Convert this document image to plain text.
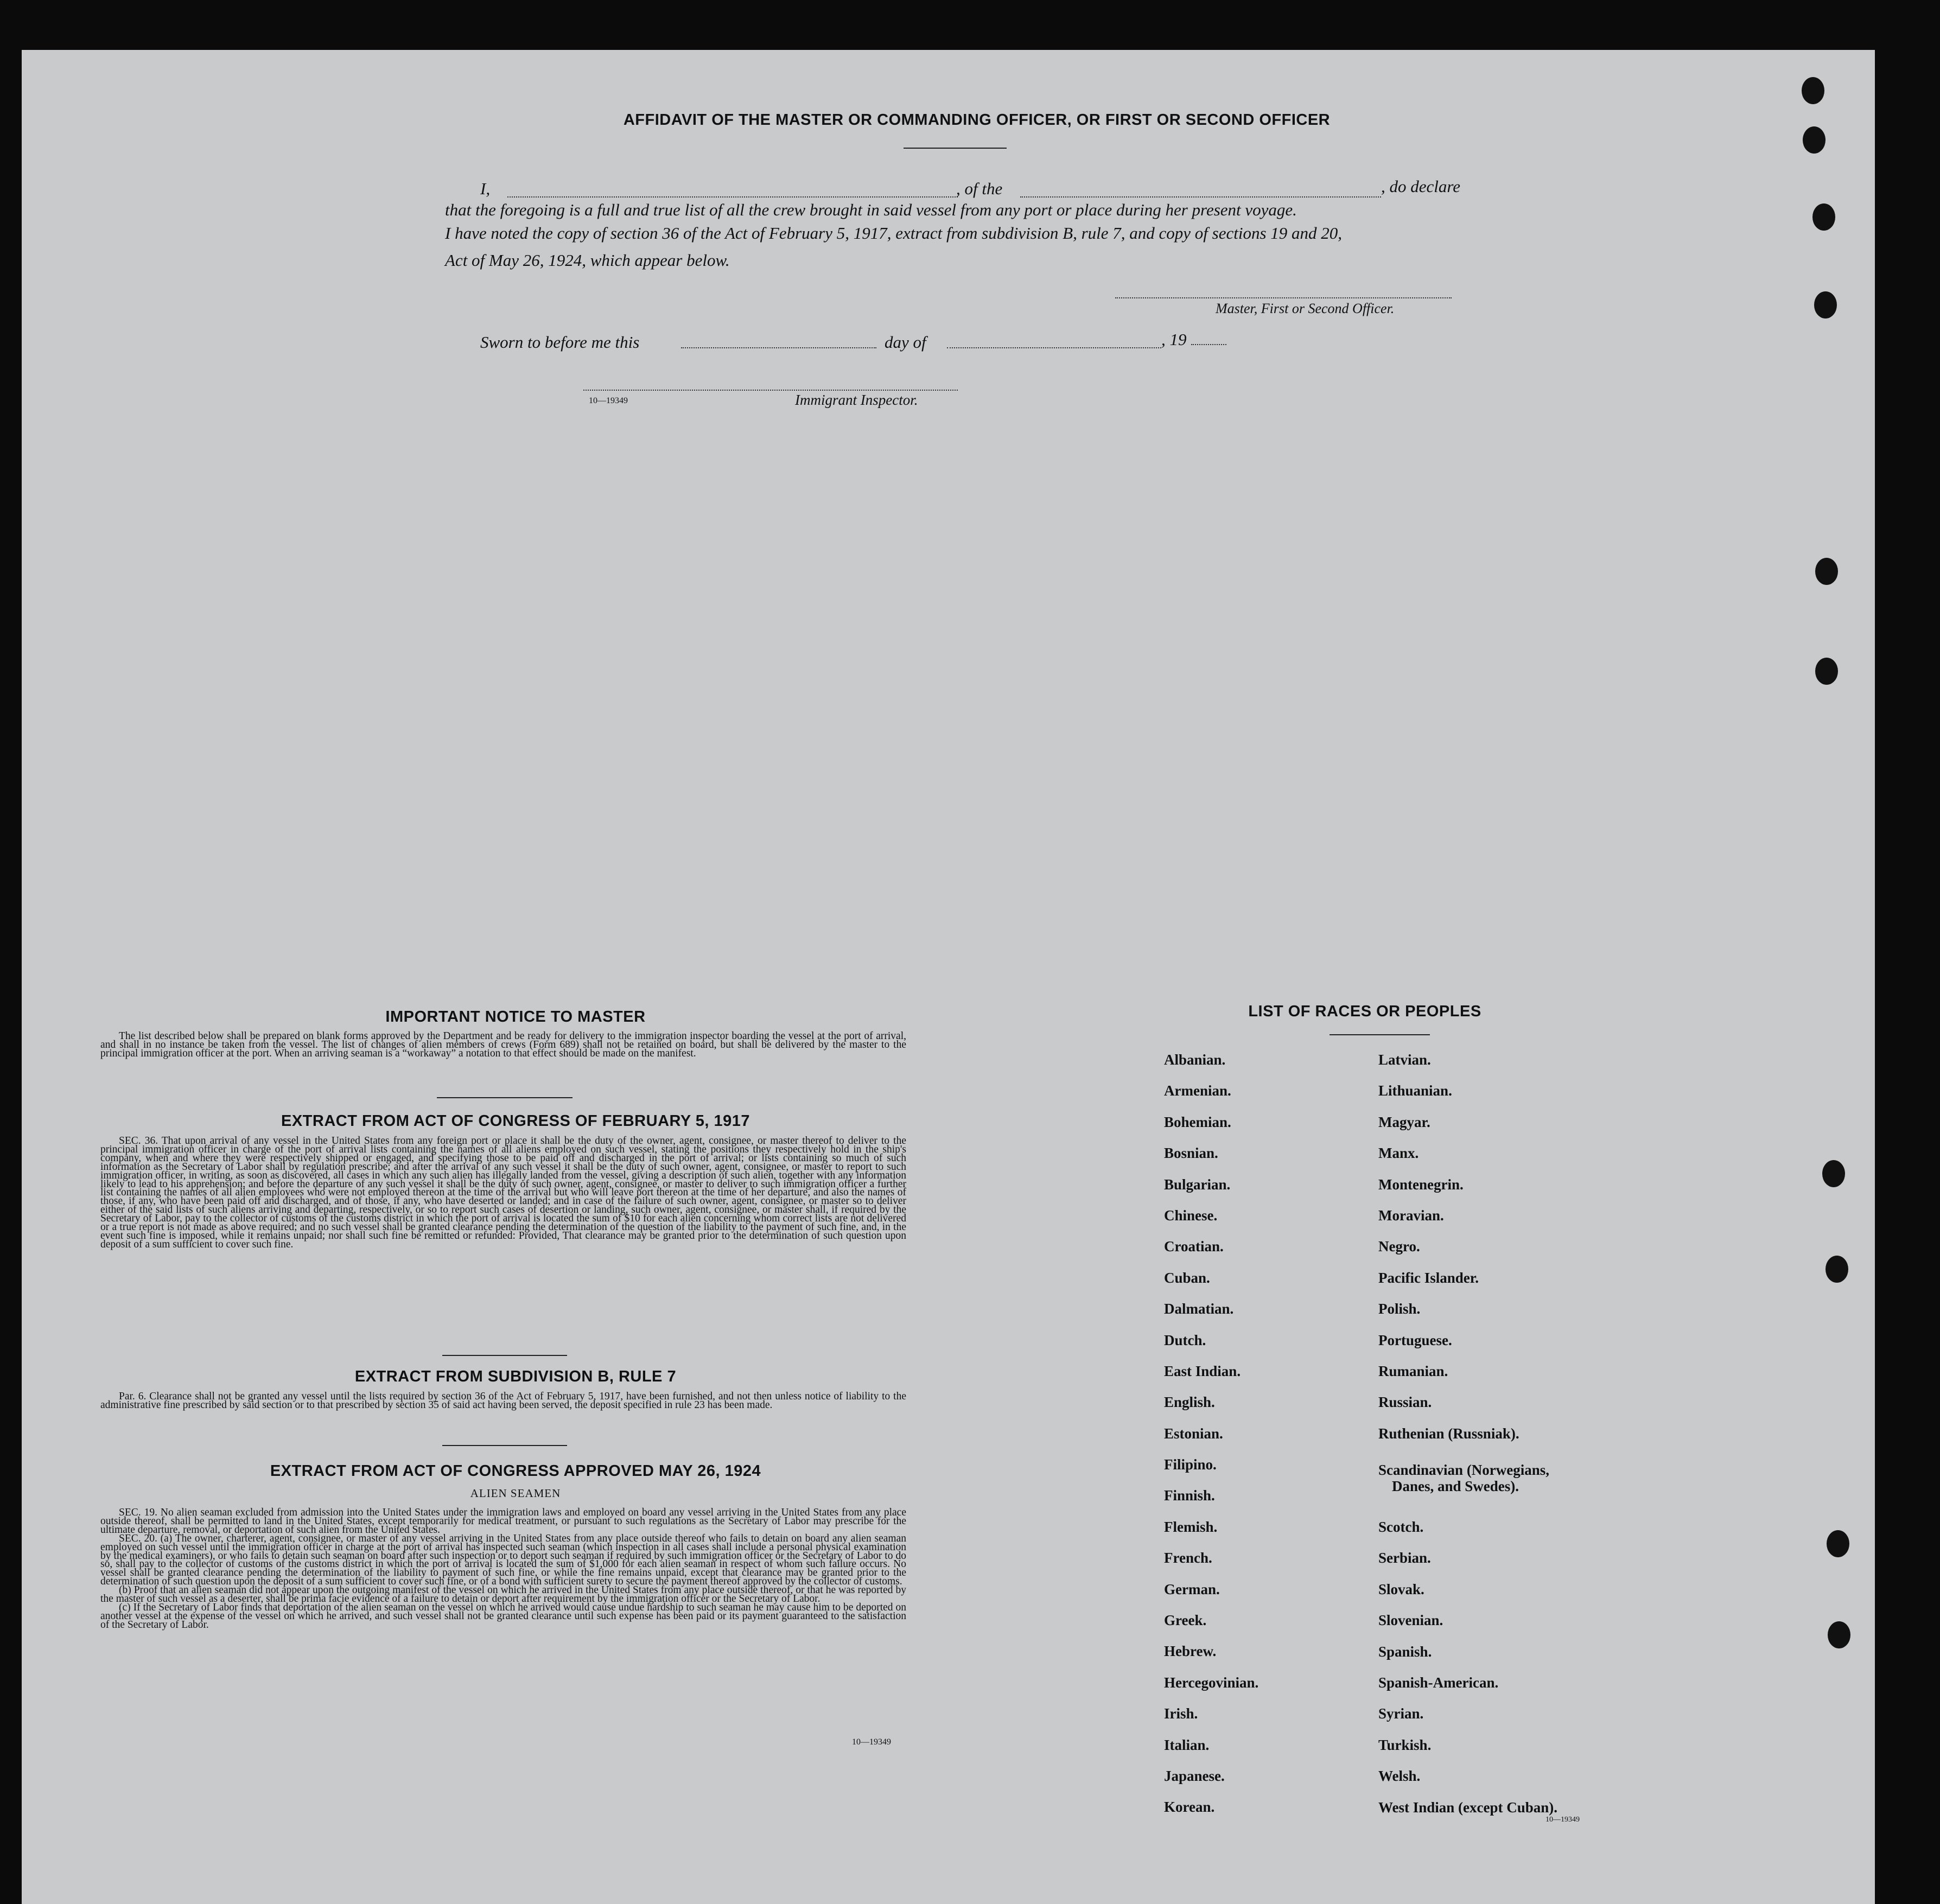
AFFIDAVIT OF THE MASTER OR COMMANDING OFFICER, OR FIRST OR SECOND OFFICER
I,	, of the	, do declare
that the foregoing is a full and true list of all the crew brought in said vessel from any port or place during her present voyage.
I have noted the copy of section 36 of the Act of February 5, 1917, extract from subdivision B, rule 7, and copy of sections 19 and 20,
Act of May 26, 1924, which appear below.
Master, First or Second Officer.
Sworn to before me this	day of	, 19
10—19349	Immigrant Inspector.
IMPORTANT NOTICE TO MASTER
The list described below shall be prepared on blank forms approved by the Department and be ready for delivery to the immigration inspector boarding the vessel at the port of arrival, and shall in no instance be taken from the vessel. The list of changes of alien members of crews (Form 689) shall not be retained on board, but shall be delivered by the master to the principal immigration officer at the port. When an arriving seaman is a “workaway” a notation to that effect should be made on the manifest.
EXTRACT FROM ACT OF CONGRESS OF FEBRUARY 5, 1917
SEC. 36. That upon arrival of any vessel in the United States from any foreign port or place it shall be the duty of the owner, agent, consignee, or master thereof to deliver to the principal immigration officer in charge of the port of arrival lists containing the names of all aliens employed on such vessel, stating the positions they respectively hold in the ship's company, when and where they were respectively shipped or engaged, and specifying those to be paid off and discharged in the port of arrival; or lists containing so much of such information as the Secretary of Labor shall by regulation prescribe; and after the arrival of any such vessel it shall be the duty of such owner, agent, consignee, or master to report to such immigration officer, in writing, as soon as discovered, all cases in which any such alien has illegally landed from the vessel, giving a description of such alien, together with any information likely to lead to his apprehension; and before the departure of any such vessel it shall be the duty of such owner, agent, consignee, or master to deliver to such immigration officer a further list containing the names of all alien employees who were not employed thereon at the time of the arrival but who will leave port thereon at the time of her departure, and also the names of those, if any, who have been paid off and discharged, and of those, if any, who have deserted or landed; and in case of the failure of such owner, agent, consignee, or master so to deliver either of the said lists of such aliens arriving and departing, respectively, or so to report such cases of desertion or landing, such owner, agent, consignee, or master shall, if required by the Secretary of Labor, pay to the collector of customs of the customs district in which the port of arrival is located the sum of $10 for each alien concerning whom correct lists are not delivered or a true report is not made as above required; and no such vessel shall be granted clearance pending the determination of the question of the liability to the payment of such fine, and, in the event such fine is imposed, while it remains unpaid; nor shall such fine be remitted or refunded: Provided, That clearance may be granted prior to the determination of such question upon deposit of a sum sufficient to cover such fine.
EXTRACT FROM SUBDIVISION B, RULE 7
Par. 6. Clearance shall not be granted any vessel until the lists required by section 36 of the Act of February 5, 1917, have been furnished, and not then unless notice of liability to the administrative fine prescribed by said section or to that prescribed by section 35 of said act having been served, the deposit specified in rule 23 has been made.
EXTRACT FROM ACT OF CONGRESS APPROVED MAY 26, 1924
ALIEN SEAMEN
SEC. 19. No alien seaman excluded from admission into the United States under the immigration laws and employed on board any vessel arriving in the United States from any place outside thereof, shall be permitted to land in the United States, except temporarily for medical treatment, or pursuant to such regulations as the Secretary of Labor may prescribe for the ultimate departure, removal, or deportation of such alien from the United States.
SEC. 20. (a) The owner, charterer, agent, consignee, or master of any vessel arriving in the United States from any place outside thereof who fails to detain on board any alien seaman employed on such vessel until the immigration officer in charge at the port of arrival has inspected such seaman (which inspection in all cases shall include a personal physical examination by the medical examiners), or who fails to detain such seaman on board after such inspection or to deport such seaman if required by such immigration officer or the Secretary of Labor to do so, shall pay to the collector of customs of the customs district in which the port of arrival is located the sum of $1,000 for each alien seaman in respect of whom such failure occurs. No vessel shall be granted clearance pending the determination of the liability to payment of such fine, or while the fine remains unpaid, except that clearance may be granted prior to the determination of such question upon the deposit of a sum sufficient to cover such fine, or of a bond with sufficient surety to secure the payment thereof approved by the collector of customs.
(b) Proof that an alien seaman did not appear upon the outgoing manifest of the vessel on which he arrived in the United States from any place outside thereof, or that he was reported by the master of such vessel as a deserter, shall be prima facie evidence of a failure to detain or deport after requirement by the immigration officer or the Secretary of Labor.
(c) If the Secretary of Labor finds that deportation of the alien seaman on the vessel on which he arrived would cause undue hardship to such seaman he may cause him to be deported on another vessel at the expense of the vessel on which he arrived, and such vessel shall not be granted clearance until such expense has been paid or its payment guaranteed to the satisfaction of the Secretary of Labor.
10—19349
LIST OF RACES OR PEOPLES
Albanian.
Armenian.
Bohemian.
Bosnian.
Bulgarian.
Chinese.
Croatian.
Cuban.
Dalmatian.
Dutch.
East Indian.
English.
Estonian.
Filipino.
Finnish.
Flemish.
French.
German.
Greek.
Hebrew.
Hercegovinian.
Irish.
Italian.
Japanese.
Korean.
Latvian.
Lithuanian.
Magyar.
Manx.
Montenegrin.
Moravian.
Negro.
Pacific Islander.
Polish.
Portuguese.
Rumanian.
Russian.
Ruthenian (Russniak).
Scandinavian (Norwegians,
Danes, and Swedes).
Scotch.
Serbian.
Slovak.
Slovenian.
Spanish.
Spanish-American.
Syrian.
Turkish.
Welsh.
West Indian (except Cuban).
10—19349
